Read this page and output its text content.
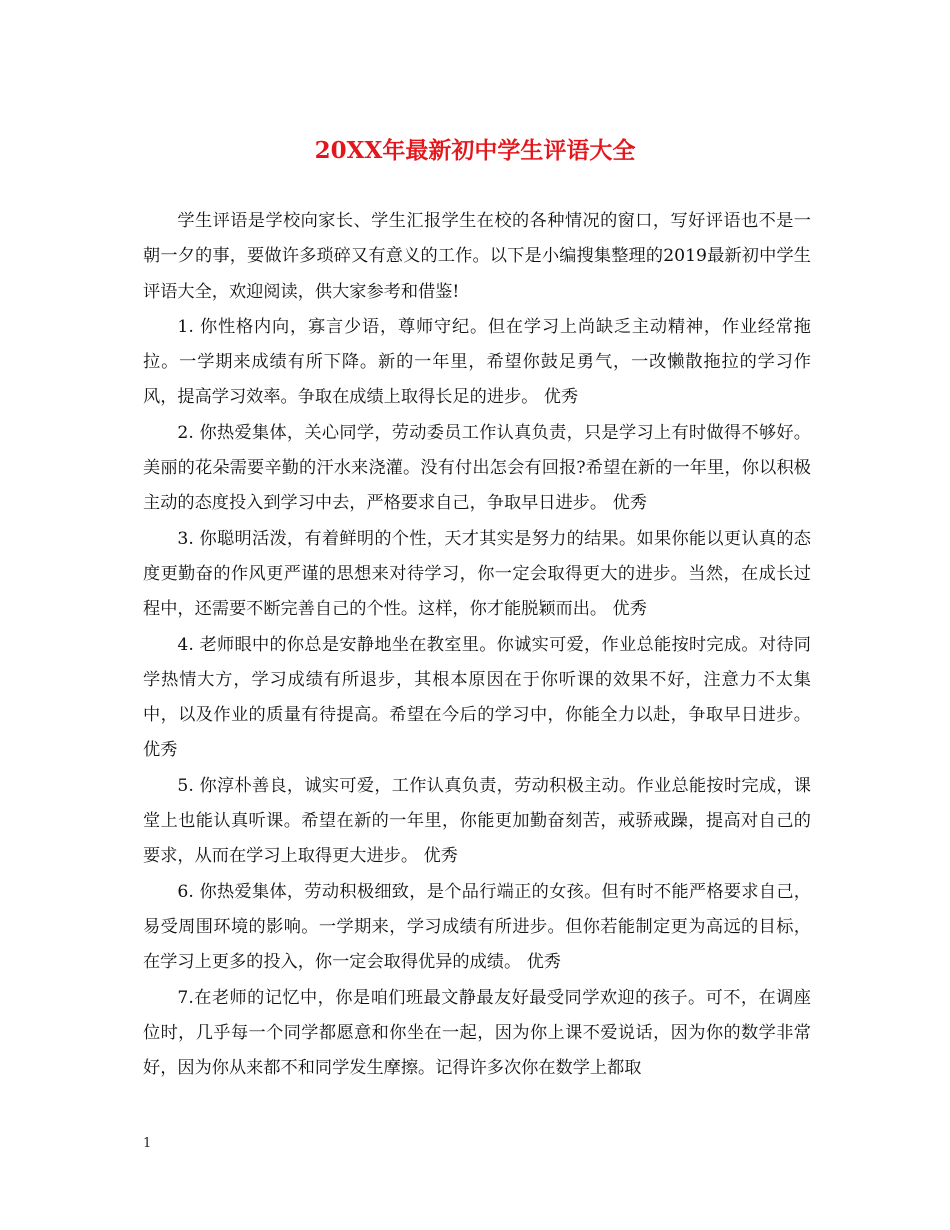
20XX年最新初中学生评语大全

学生评语是学校向家长、学生汇报学生在校的各种情况的窗口，写好评语也不是一朝一夕的事，要做许多琐碎又有意义的工作。以下是小编搜集整理的2019最新初中学生评语大全，欢迎阅读，供大家参考和借鉴!

1. 你性格内向，寡言少语，尊师守纪。但在学习上尚缺乏主动精神，作业经常拖拉。一学期来成绩有所下降。新的一年里，希望你鼓足勇气，一改懒散拖拉的学习作风，提高学习效率。争取在成绩上取得长足的进步。 优秀

2. 你热爱集体，关心同学，劳动委员工作认真负责，只是学习上有时做得不够好。美丽的花朵需要辛勤的汗水来浇灌。没有付出怎会有回报?希望在新的一年里，你以积极主动的态度投入到学习中去，严格要求自己，争取早日进步。 优秀

3. 你聪明活泼，有着鲜明的个性，天才其实是努力的结果。如果你能以更认真的态度更勤奋的作风更严谨的思想来对待学习，你一定会取得更大的进步。当然，在成长过程中，还需要不断完善自己的个性。这样，你才能脱颖而出。 优秀

4. 老师眼中的你总是安静地坐在教室里。你诚实可爱，作业总能按时完成。对待同学热情大方，学习成绩有所退步，其根本原因在于你听课的效果不好，注意力不太集中，以及作业的质量有待提高。希望在今后的学习中，你能全力以赴，争取早日进步。 优秀

5. 你淳朴善良，诚实可爱，工作认真负责，劳动积极主动。作业总能按时完成，课堂上也能认真听课。希望在新的一年里，你能更加勤奋刻苦，戒骄戒躁，提高对自己的要求，从而在学习上取得更大进步。 优秀

6. 你热爱集体，劳动积极细致，是个品行端正的女孩。但有时不能严格要求自己，易受周围环境的影响。一学期来，学习成绩有所进步。但你若能制定更为高远的目标，在学习上更多的投入，你一定会取得优异的成绩。 优秀

7.在老师的记忆中，你是咱们班最文静最友好最受同学欢迎的孩子。可不，在调座位时，几乎每一个同学都愿意和你坐在一起，因为你上课不爱说话，因为你的数学非常好，因为你从来都不和同学发生摩擦。记得许多次你在数学上都取

1
